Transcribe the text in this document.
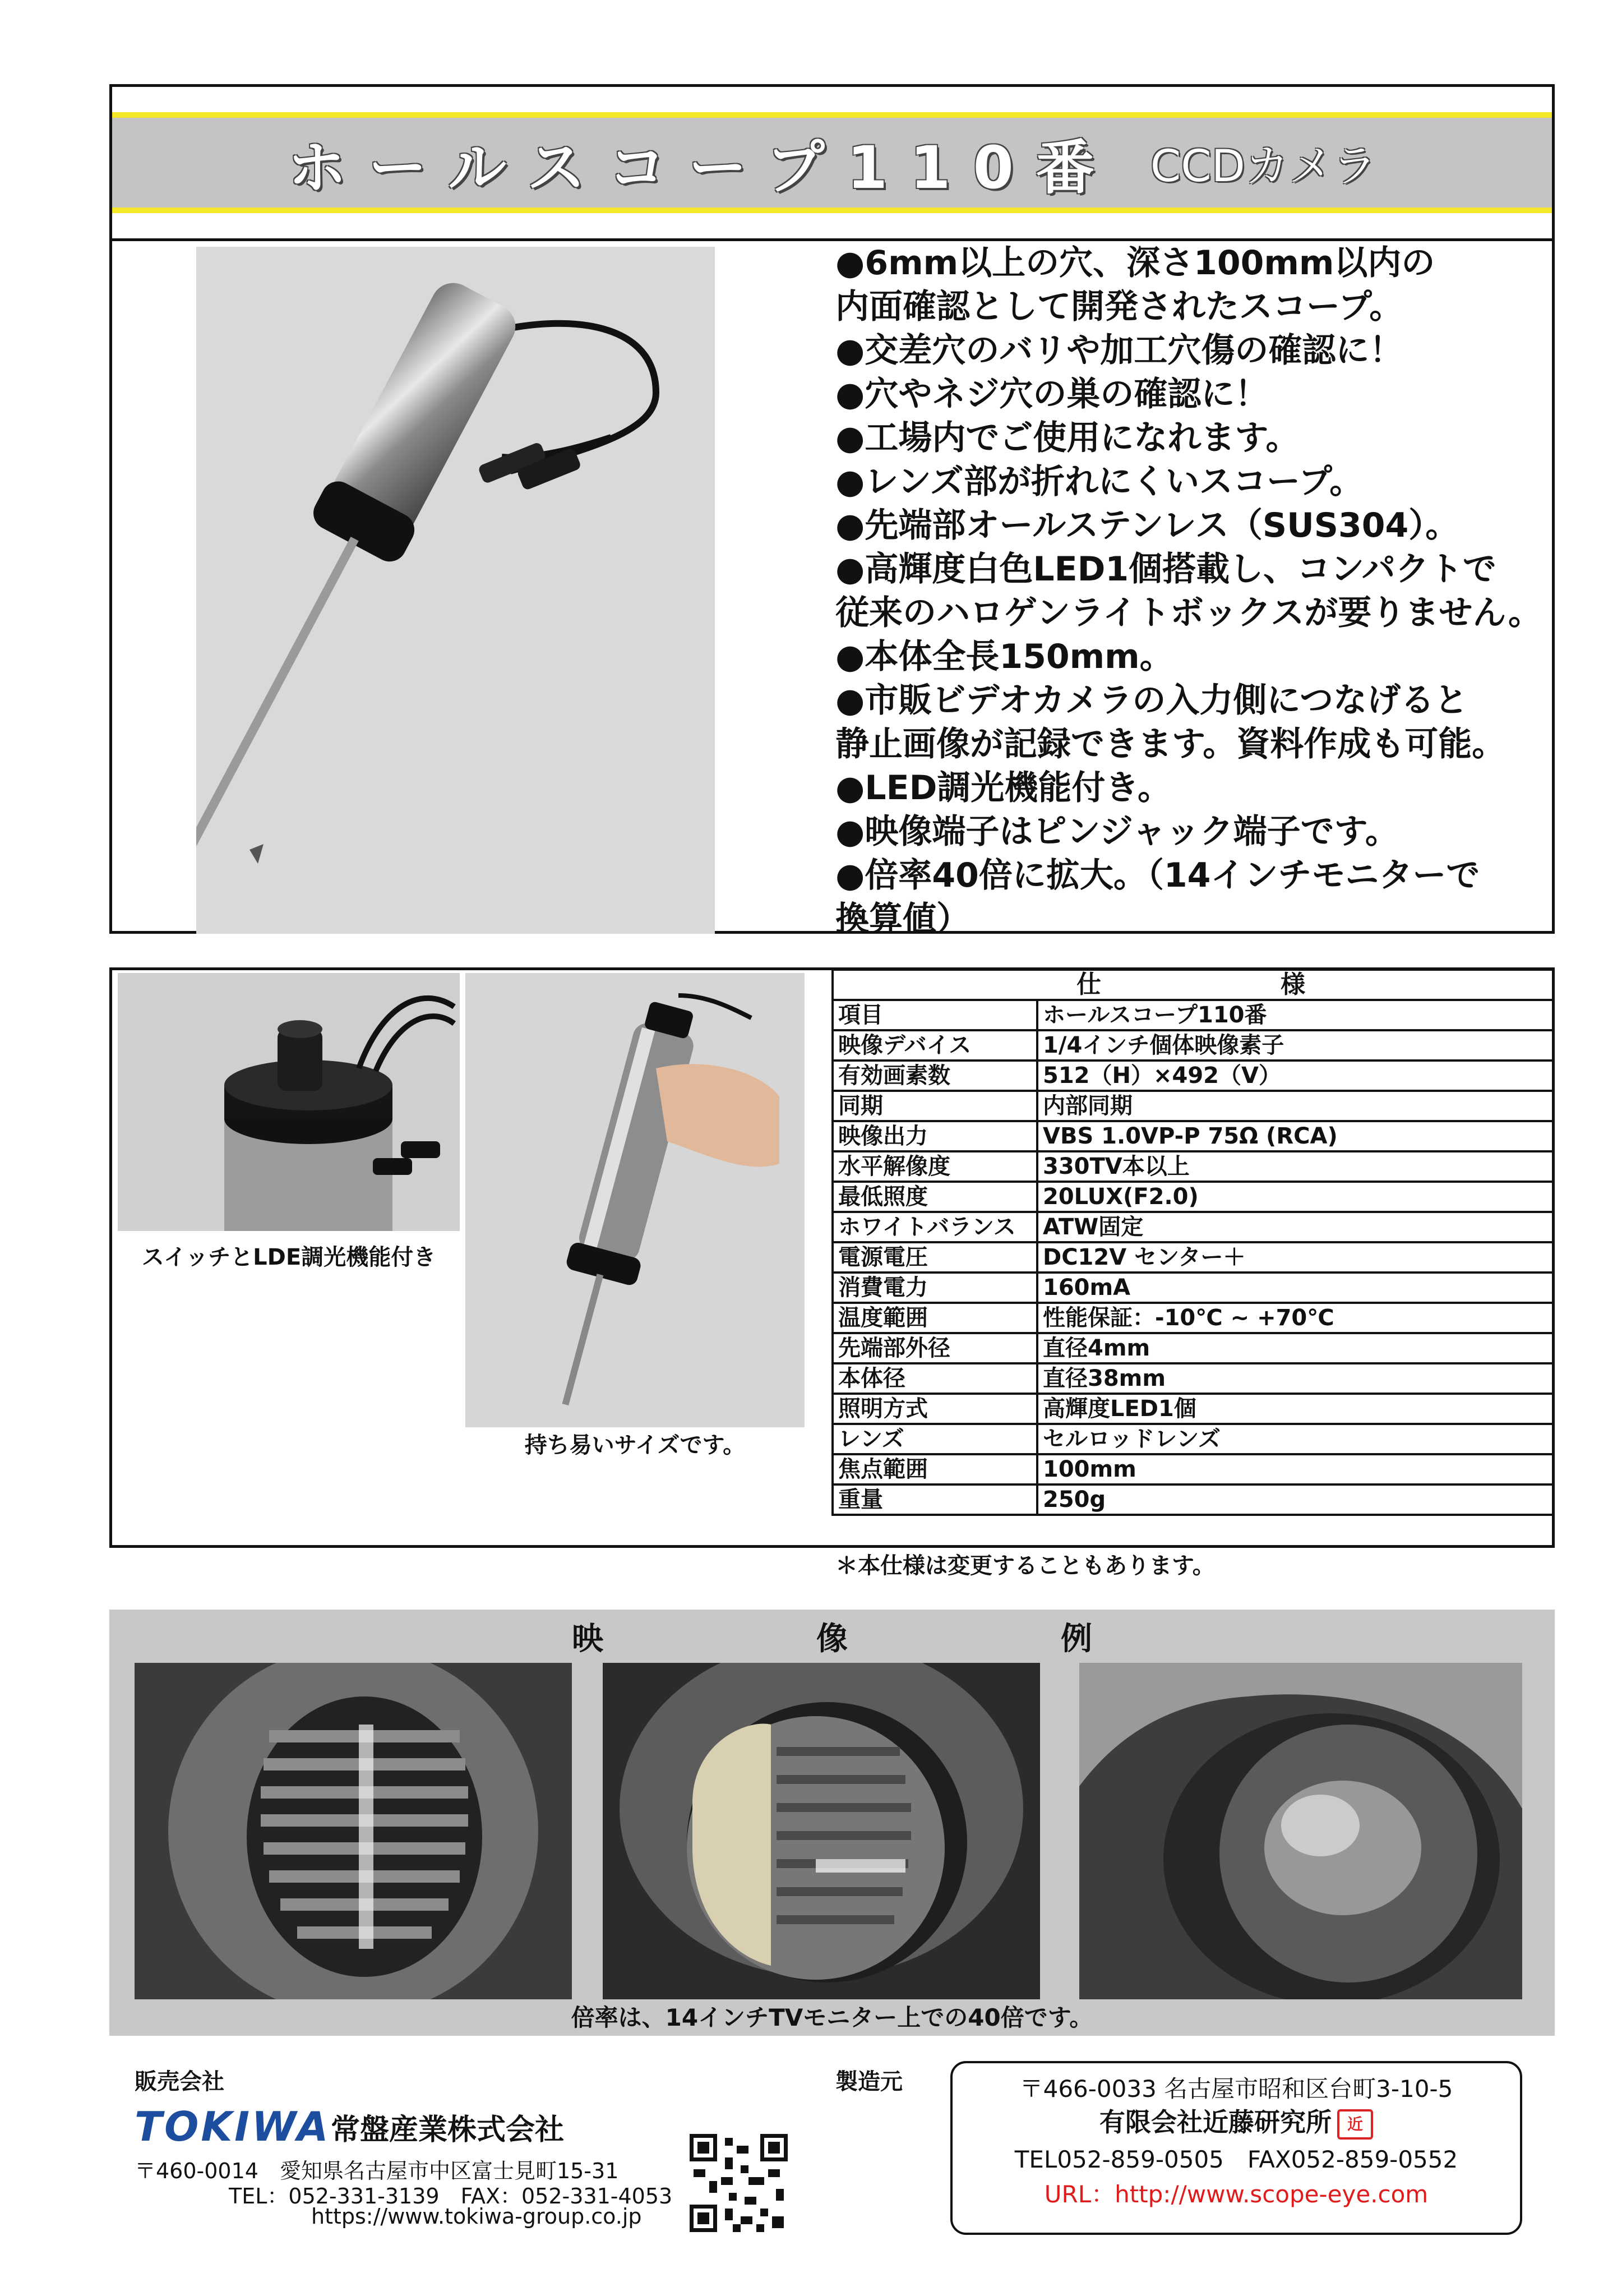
ホールスコープ110番 CCDカメラ
●6mm以上の穴、深さ100mm以内の
内面確認として開発されたスコープ。
●交差穴のバリや加工穴傷の確認に！
●穴やネジ穴の巣の確認に！
●工場内でご使用になれます。
●レンズ部が折れにくいスコープ。
●先端部オールステンレス（SUS304）。
●高輝度白色LED1個搭載し、コンパクトで
従来のハロゲンライトボックスが要りません。
●本体全長150mm。
●市販ビデオカメラの入力側につなげると
静止画像が記録できます。資料作成も可能。
●LED調光機能付き。
●映像端子はピンジャック端子です。
●倍率40倍に拡大。（14インチモニターで
換算値）
スイッチとLDE調光機能付き
持ち易いサイズです。
仕様	
項目	ホールスコープ110番
映像デバイス	1/4インチ個体映像素子
有効画素数	512（H）×492（V）
同期	内部同期
映像出力	VBS 1.0VP-P 75Ω (RCA)
水平解像度	330TV本以上
最低照度	20LUX(F2.0)
ホワイトバランス	ATW固定
電源電圧	DC12V センター＋
消費電力	160mA
温度範囲	性能保証：-10℃ ~ +70℃
先端部外径	直径4mm
本体径	直径38mm
照明方式	高輝度LED1個
レンズ	セルロッドレンズ
焦点範囲	100mm
重量	250g
＊本仕様は変更することもあります。
映像例
倍率は、14インチTVモニター上での40倍です。
販売会社
TOKIWA 常盤産業株式会社
〒460-0014　愛知県名古屋市中区富士見町15-31
TEL：052-331-3139　FAX：052-331-4053
https://www.tokiwa-group.co.jp
製造元	〒466-0033 名古屋市昭和区台町3-10-5
有限会社近藤研究所 近
TEL052-859-0505　FAX052-859-0552
URL：http://www.scope-eye.com
